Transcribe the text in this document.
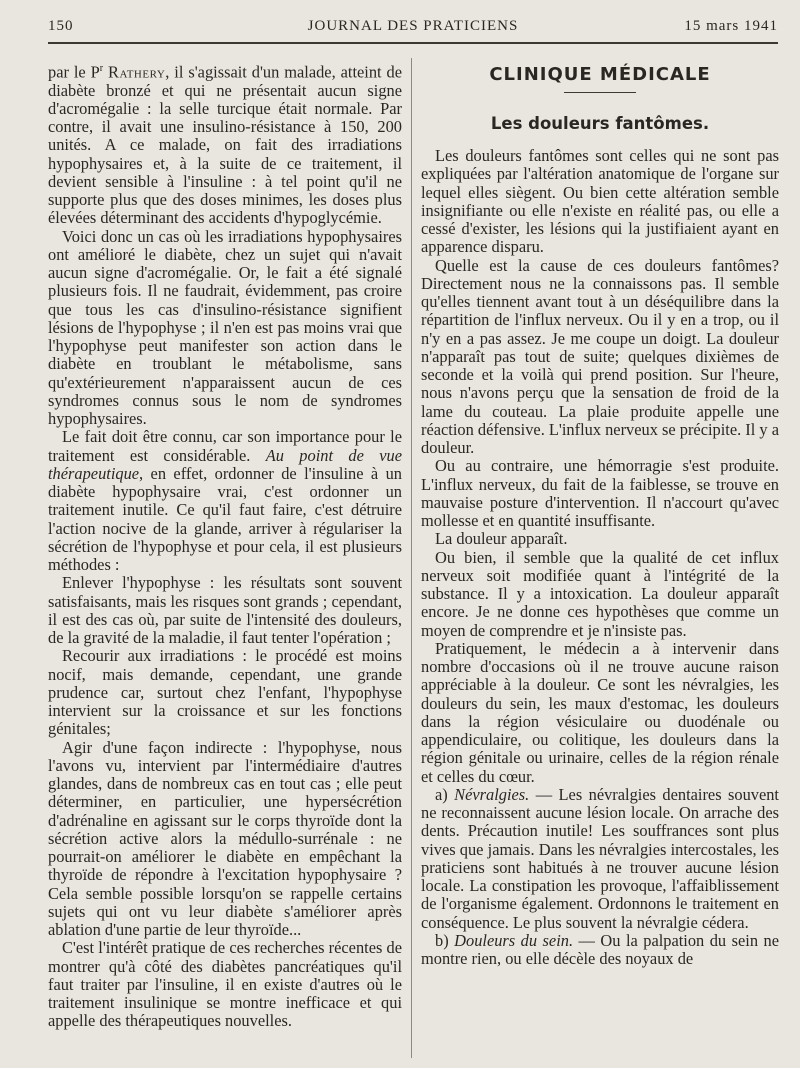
150	JOURNAL DES PRATICIENS	15 mars 1941

par le $P^r$ Rathery, il s'agissait d'un malade, atteint de diabète bronzé et qui ne présentait aucun signe d'acromégalie : la selle turcique était normale. Par contre, il avait une insulino-résistance à 150, 200 unités. A ce malade, on fait des irradiations hypophysaires et, à la suite de ce traitement, il devient sensible à l'insuline : à tel point qu'il ne supporte plus que des doses minimes, les doses plus élevées déterminant des accidents d'hypoglycémie.

Voici donc un cas où les irradiations hypophysaires ont amélioré le diabète, chez un sujet qui n'avait aucun signe d'acromégalie. Or, le fait a été signalé plusieurs fois. Il ne faudrait, évidemment, pas croire que tous les cas d'insulino-résistance signifient lésions de l'hypophyse ; il n'en est pas moins vrai que l'hypophyse peut manifester son action dans le diabète en troublant le métabolisme, sans qu'extérieurement n'apparaissent aucun de ces syndromes connus sous le nom de syndromes hypophysaires.

Le fait doit être connu, car son importance pour le traitement est considérable. Au point de vue thérapeutique, en effet, ordonner de l'insuline à un diabète hypophysaire vrai, c'est ordonner un traitement inutile. Ce qu'il faut faire, c'est détruire l'action nocive de la glande, arriver à régulariser la sécrétion de l'hypophyse et pour cela, il est plusieurs méthodes :

Enlever l'hypophyse : les résultats sont souvent satisfaisants, mais les risques sont grands ; cependant, il est des cas où, par suite de l'intensité des douleurs, de la gravité de la maladie, il faut tenter l'opération ;

Recourir aux irradiations : le procédé est moins nocif, mais demande, cependant, une grande prudence car, surtout chez l'enfant, l'hypophyse intervient sur la croissance et sur les fonctions génitales;

Agir d'une façon indirecte : l'hypophyse, nous l'avons vu, intervient par l'intermédiaire d'autres glandes, dans de nombreux cas en tout cas ; elle peut déterminer, en particulier, une hypersécrétion d'adrénaline en agissant sur le corps thyroïde dont la sécrétion active alors la médullo-surrénale : ne pourrait-on améliorer le diabète en empêchant la thyroïde de répondre à l'excitation hypophysaire ? Cela semble possible lorsqu'on se rappelle certains sujets qui ont vu leur diabète s'améliorer après ablation d'une partie de leur thyroïde...

C'est l'intérêt pratique de ces recherches récentes de montrer qu'à côté des diabètes pancréatiques qu'il faut traiter par l'insuline, il en existe d'autres où le traitement insulinique se montre inefficace et qui appelle des thérapeutiques nouvelles.

CLINIQUE MÉDICALE
Les douleurs fantômes.

Les douleurs fantômes sont celles qui ne sont pas expliquées par l'altération anatomique de l'organe sur lequel elles siègent. Ou bien cette altération semble insignifiante ou elle n'existe en réalité pas, ou elle a cessé d'exister, les lésions qui la justifiaient ayant en apparence disparu.

Quelle est la cause de ces douleurs fantômes? Directement nous ne la connaissons pas. Il semble qu'elles tiennent avant tout à un déséquilibre dans la répartition de l'influx nerveux. Ou il y en a trop, ou il n'y en a pas assez. Je me coupe un doigt. La douleur n'apparaît pas tout de suite; quelques dixièmes de seconde et la voilà qui prend position. Sur l'heure, nous n'avons perçu que la sensation de froid de la lame du couteau. La plaie produite appelle une réaction défensive. L'influx nerveux se précipite. Il y a douleur.

Ou au contraire, une hémorragie s'est produite. L'influx nerveux, du fait de la faiblesse, se trouve en mauvaise posture d'intervention. Il n'accourt qu'avec mollesse et en quantité insuffisante.

La douleur apparaît.

Ou bien, il semble que la qualité de cet influx nerveux soit modifiée quant à l'intégrité de la substance. Il y a intoxication. La douleur apparaît encore. Je ne donne ces hypothèses que comme un moyen de comprendre et je n'insiste pas.

Pratiquement, le médecin a à intervenir dans nombre d'occasions où il ne trouve aucune raison appréciable à la douleur. Ce sont les névralgies, les douleurs du sein, les maux d'estomac, les douleurs dans la région vésiculaire ou duodénale ou appendiculaire, ou colitique, les douleurs dans la région génitale ou urinaire, celles de la région rénale et celles du cœur.

a) Névralgies. — Les névralgies dentaires souvent ne reconnaissent aucune lésion locale. On arrache des dents. Précaution inutile! Les souffrances sont plus vives que jamais. Dans les névralgies intercostales, les praticiens sont habitués à ne trouver aucune lésion locale. La constipation les provoque, l'affaiblissement de l'organisme également. Ordonnons le traitement en conséquence. Le plus souvent la névralgie cédera.

b) Douleurs du sein. — Ou la palpation du sein ne montre rien, ou elle décèle des noyaux de
